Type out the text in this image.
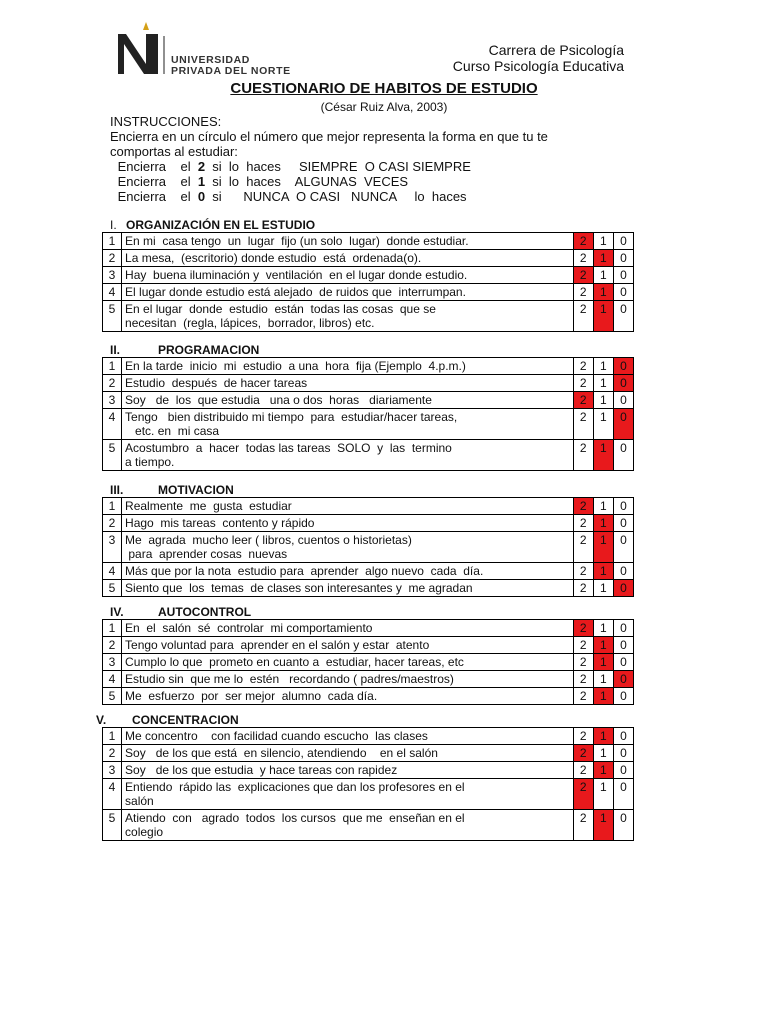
UNIVERSIDAD
PRIVADA DEL NORTE
Carrera de Psicología
Curso Psicología Educativa
CUESTIONARIO DE HABITOS DE ESTUDIO
(César Ruiz Alva, 2003)
INSTRUCCIONES:
Encierra en un círculo el número que mejor representa la forma en que tu te
comportas al estudiar:
Encierra    el  2  si  lo  haces     SIEMPRE  O CASI SIEMPRE
Encierra    el  1  si  lo  haces    ALGUNAS  VECES
Encierra    el  0  si      NUNCA  O CASI   NUNCA     lo  haces
I. ORGANIZACIÓN EN EL ESTUDIO
1	En mi  casa tengo  un  lugar  fijo (un solo  lugar)  donde estudiar.	2	1	0
2	La mesa,  (escritorio) donde estudio  está  ordenada(o).	2	1	0
3	Hay  buena iluminación y  ventilación  en el lugar donde estudio.	2	1	0
4	El lugar donde estudio está alejado  de ruidos que  interrumpan.	2	1	0
5	En el lugar  donde  estudio  están  todas las cosas  que se
necesitan  (regla, lápices,  borrador, libros) etc.	2	1	0
II.	PROGRAMACION
1	En la tarde  inicio  mi  estudio  a una  hora  fija (Ejemplo  4.p.m.)	2	1	0
2	Estudio  después  de hacer tareas	2	1	0
3	Soy   de  los  que estudia   una o dos  horas   diariamente	2	1	0
4	Tengo   bien distribuido mi tiempo  para  estudiar/hacer tareas,
etc. en  mi casa	2	1	0
5	Acostumbro  a  hacer  todas las tareas  SOLO  y  las  termino
a tiempo.	2	1	0
III.	MOTIVACION
1	Realmente  me  gusta  estudiar	2	1	0
2	Hago  mis tareas  contento y rápido	2	1	0
3	Me  agrada  mucho leer ( libros, cuentos o historietas)
para  aprender cosas  nuevas	2	1	0
4	Más que por la nota  estudio para  aprender  algo nuevo  cada  día.	2	1	0
5	Siento que  los  temas  de clases son interesantes y  me agradan	2	1	0
IV.	AUTOCONTROL
1	En  el  salón  sé  controlar  mi comportamiento	2	1	0
2	Tengo voluntad para  aprender en el salón y estar  atento	2	1	0
3	Cumplo lo que  prometo en cuanto a  estudiar, hacer tareas, etc	2	1	0
4	Estudio sin  que me lo  estén   recordando ( padres/maestros)	2	1	0
5	Me  esfuerzo  por  ser mejor  alumno  cada día.	2	1	0
V. CONCENTRACION
1	Me concentro    con facilidad cuando escucho  las clases	2	1	0
2	Soy   de los que está  en silencio, atendiendo    en el salón	2	1	0
3	Soy   de los que estudia  y hace tareas con rapidez	2	1	0
4	Entiendo  rápido las  explicaciones que dan los profesores en el
salón	2	1	0
5	Atiendo  con   agrado  todos  los cursos  que me  enseñan en el
colegio	2	1	0
